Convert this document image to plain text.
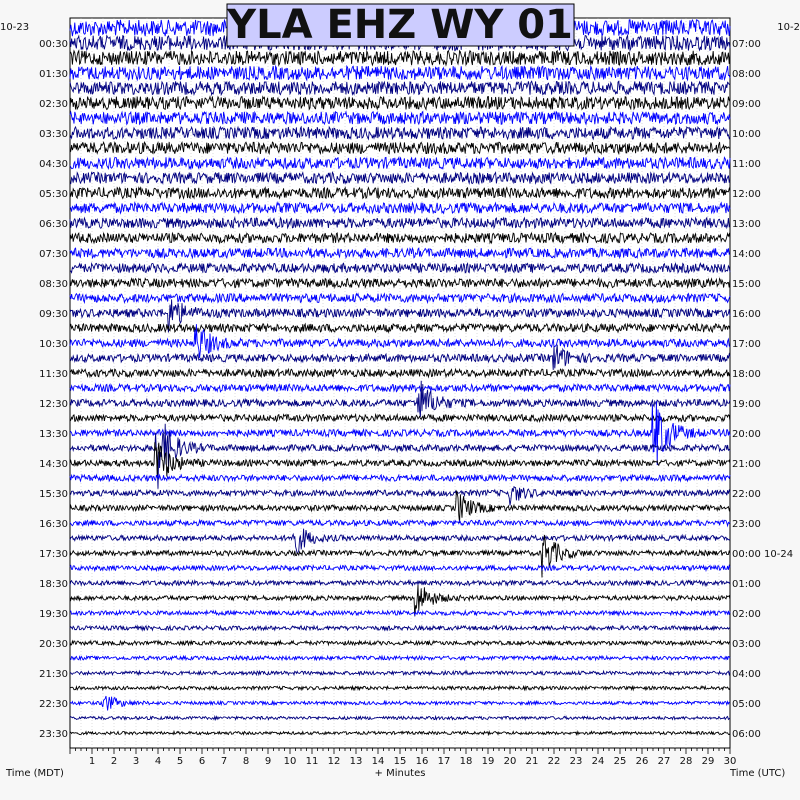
00:30
01:30
02:30
03:30
04:30
05:30
06:30
07:30
08:30
09:30
10:30
11:30
12:30
13:30
14:30
15:30
16:30
17:30
18:30
19:30
20:30
21:30
22:30
23:30
07:00
08:00
09:00
10:00
11:00
12:00
13:00
14:00
15:00
16:00
17:00
18:00
19:00
20:00
21:00
22:00
23:00
00:00 10-24
01:00
02:00
03:00
04:00
05:00
06:00
1 2 3 4 5 6 7 8 9 10 11 12 13 14 15 16 17 18 19 20 21 22 23 24 25 26 27 28 29 30
10-23	10-2
YLA EHZ WY 01
Time (MDT)	+ Minutes	Time (UTC)
